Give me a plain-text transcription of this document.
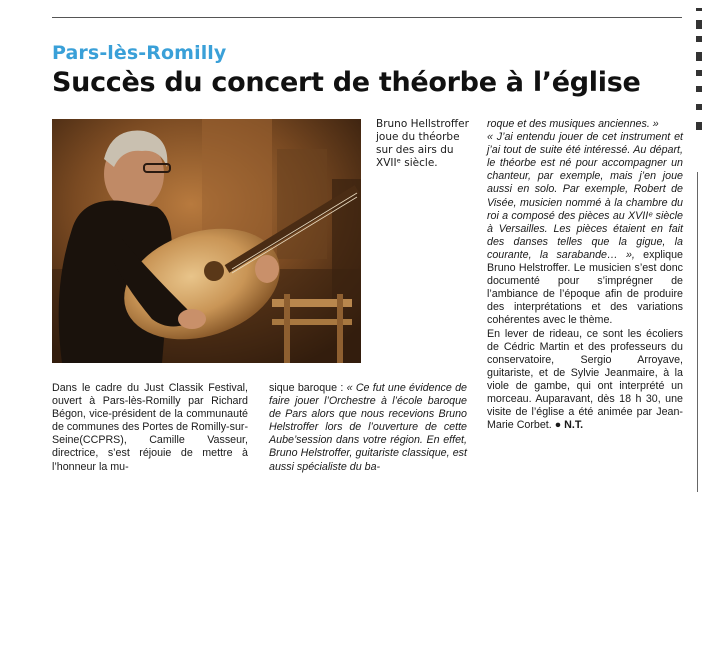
Pars-lès-Romilly
Succès du concert de théorbe à l’église

Bruno Hellstroffer joue du théorbe sur des airs du XVIIᵉ siècle.

Dans le cadre du Just Classik Festival, ouvert à Pars-lès-Romilly par Richard Bégon, vice-président de la communauté de communes des Portes de Romilly-sur-Seine(CCPRS), Camille Vasseur, directrice, s’est réjouie de mettre à l’honneur la mu-

sique baroque : « Ce fut une évidence de faire jouer l’Orchestre à l’école baroque de Pars alors que nous recevions Bruno Helstroffer lors de l’ouverture de cette Aube’session dans votre région. En effet, Bruno Helstroffer, guitariste classique, est aussi spécialiste du ba-

roque et des musiques anciennes. »

« J’ai entendu jouer de cet instrument et j’ai tout de suite été intéressé. Au départ, le théorbe est né pour accompagner un chanteur, par exemple, mais j’en joue aussi en solo. Par exemple, Robert de Visée, musicien nommé à la chambre du roi a composé des pièces au XVIIᵉ siècle à Versailles. Les pièces étaient en fait des danses telles que la gigue, la courante, la sarabande… », explique Bruno Helstroffer. Le musicien s’est donc documenté pour s’imprégner de l’ambiance de l’époque afin de produire des interprétations et des variations cohérentes avec le thème.

En lever de rideau, ce sont les écoliers de Cédric Martin et des professeurs du conservatoire, Sergio Arroyave, guitariste, et de Sylvie Jeanmaire, à la viole de gambe, qui ont interprété un morceau. Auparavant, dès 18 h 30, une visite de l’église a été animée par Jean-Marie Corbet. ● N.T.
